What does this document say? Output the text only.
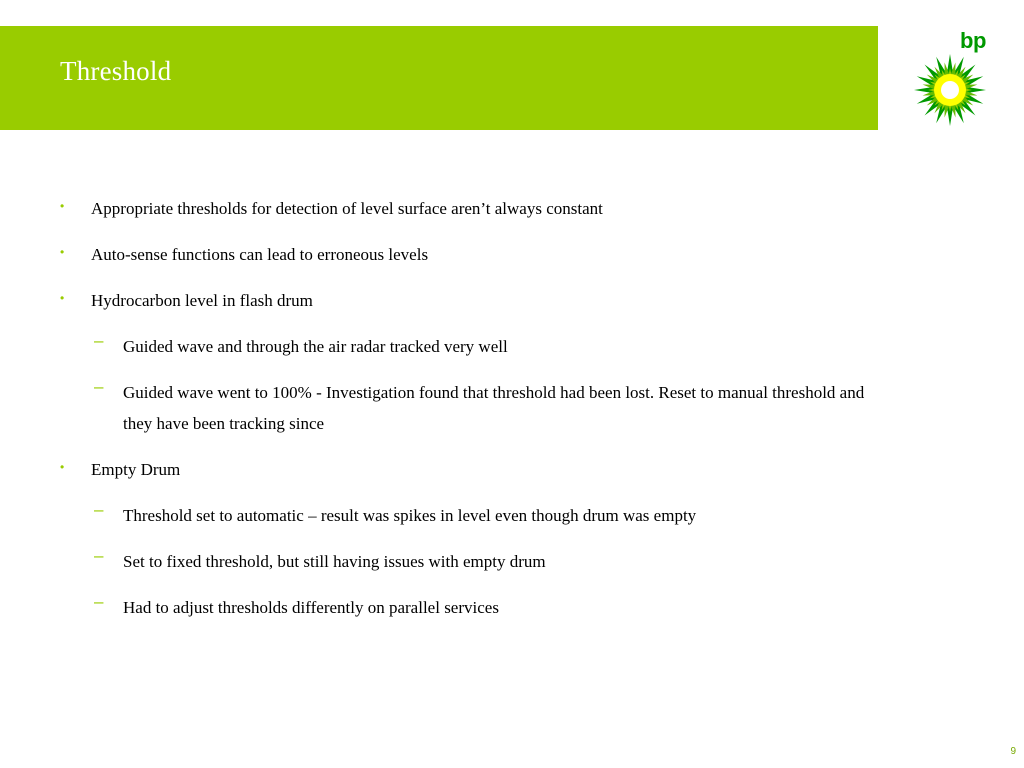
Threshold
bp
• Appropriate thresholds for detection of level surface aren’t always constant
• Auto-sense functions can lead to erroneous levels
• Hydrocarbon level in flash drum
– Guided wave and through the air radar tracked very well
– Guided wave went to 100% - Investigation found that threshold had been lost. Reset to manual threshold and they have been tracking since
• Empty Drum
– Threshold set to automatic – result was spikes in level even though drum was empty
– Set to fixed threshold, but still having issues with empty drum
– Had to adjust thresholds differently on parallel services
9
